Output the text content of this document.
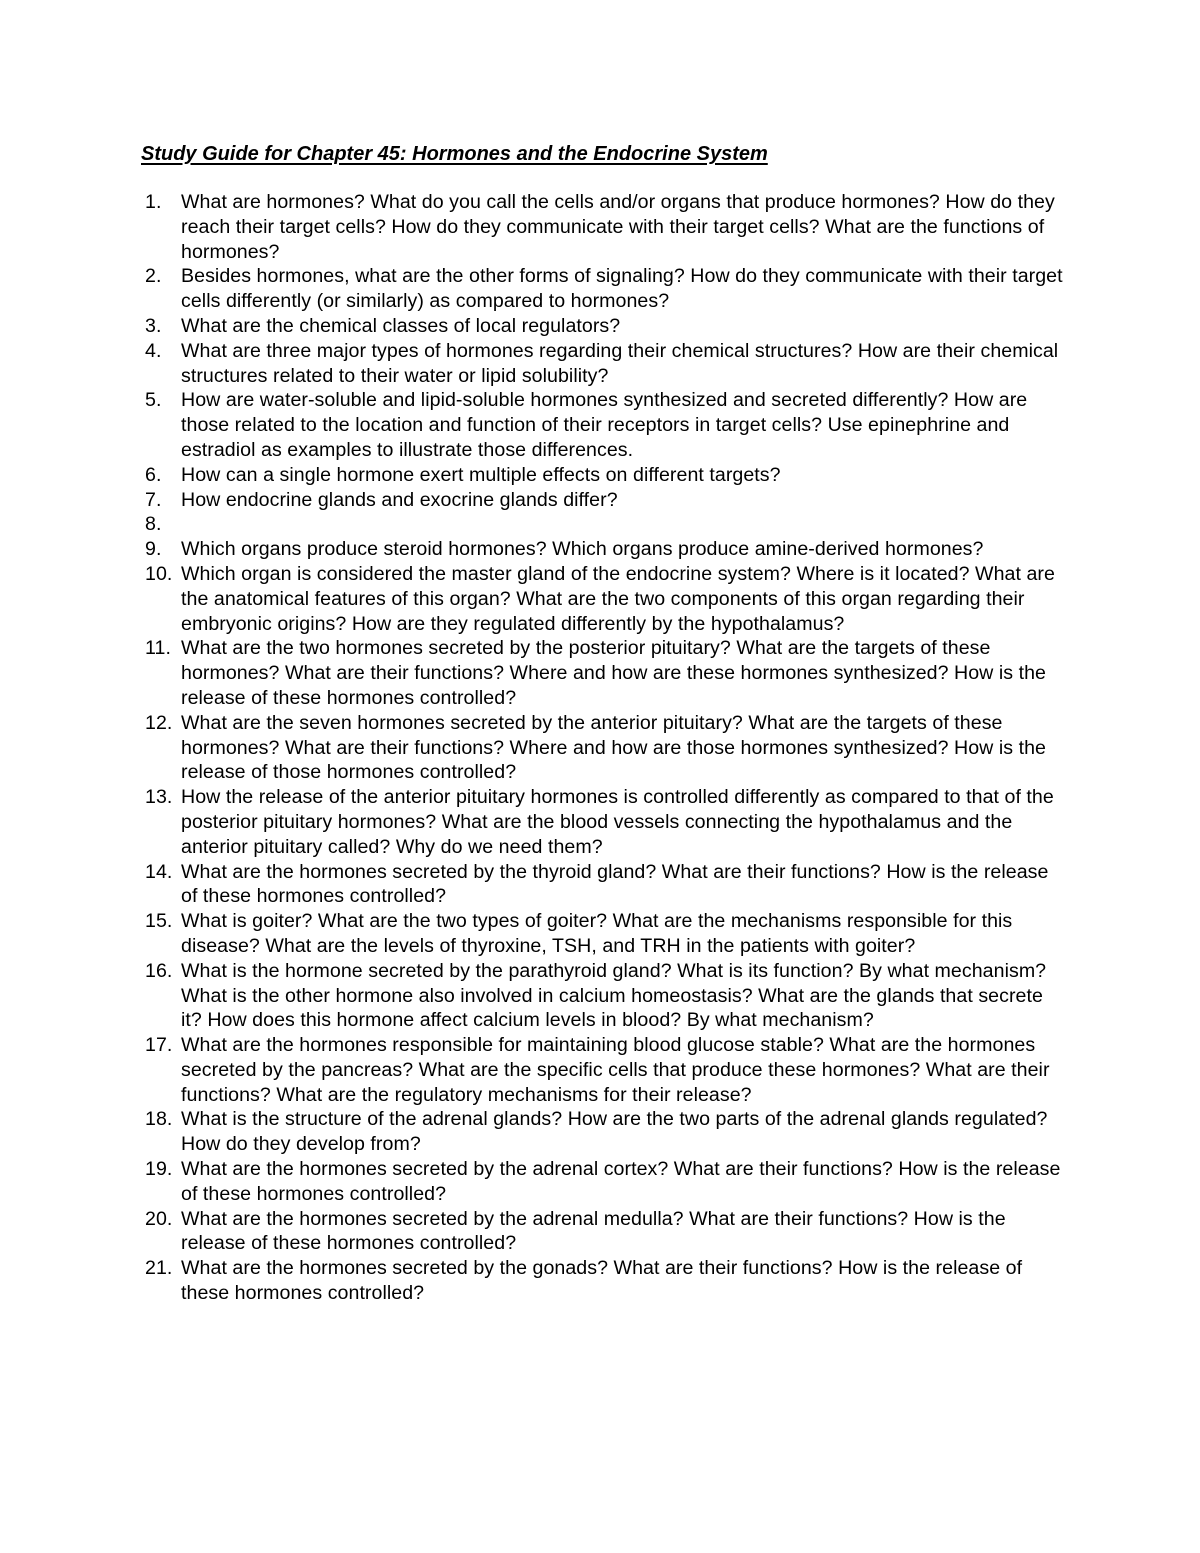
Study Guide for Chapter 45: Hormones and the Endocrine System
1. What are hormones? What do you call the cells and/or organs that produce hormones? How do they reach their target cells? How do they communicate with their target cells? What are the functions of hormones?
2. Besides hormones, what are the other forms of signaling? How do they communicate with their target cells differently (or similarly) as compared to hormones?
3. What are the chemical classes of local regulators?
4. What are three major types of hormones regarding their chemical structures? How are their chemical structures related to their water or lipid solubility?
5. How are water-soluble and lipid-soluble hormones synthesized and secreted differently? How are those related to the location and function of their receptors in target cells? Use epinephrine and estradiol as examples to illustrate those differences.
6. How can a single hormone exert multiple effects on different targets?
7. How endocrine glands and exocrine glands differ?
8.
9. Which organs produce steroid hormones? Which organs produce amine-derived hormones?
10. Which organ is considered the master gland of the endocrine system? Where is it located? What are the anatomical features of this organ? What are the two components of this organ regarding their embryonic origins? How are they regulated differently by the hypothalamus?
11. What are the two hormones secreted by the posterior pituitary? What are the targets of these hormones? What are their functions? Where and how are these hormones synthesized? How is the release of these hormones controlled?
12. What are the seven hormones secreted by the anterior pituitary? What are the targets of these hormones? What are their functions? Where and how are those hormones synthesized? How is the release of those hormones controlled?
13. How the release of the anterior pituitary hormones is controlled differently as compared to that of the posterior pituitary hormones? What are the blood vessels connecting the hypothalamus and the anterior pituitary called? Why do we need them?
14. What are the hormones secreted by the thyroid gland? What are their functions? How is the release of these hormones controlled?
15. What is goiter? What are the two types of goiter? What are the mechanisms responsible for this disease? What are the levels of thyroxine, TSH, and TRH in the patients with goiter?
16. What is the hormone secreted by the parathyroid gland? What is its function? By what mechanism? What is the other hormone also involved in calcium homeostasis? What are the glands that secrete it? How does this hormone affect calcium levels in blood? By what mechanism?
17. What are the hormones responsible for maintaining blood glucose stable? What are the hormones secreted by the pancreas? What are the specific cells that produce these hormones? What are their functions? What are the regulatory mechanisms for their release?
18. What is the structure of the adrenal glands? How are the two parts of the adrenal glands regulated? How do they develop from?
19. What are the hormones secreted by the adrenal cortex? What are their functions? How is the release of these hormones controlled?
20. What are the hormones secreted by the adrenal medulla? What are their functions? How is the release of these hormones controlled?
21. What are the hormones secreted by the gonads? What are their functions? How is the release of these hormones controlled?
